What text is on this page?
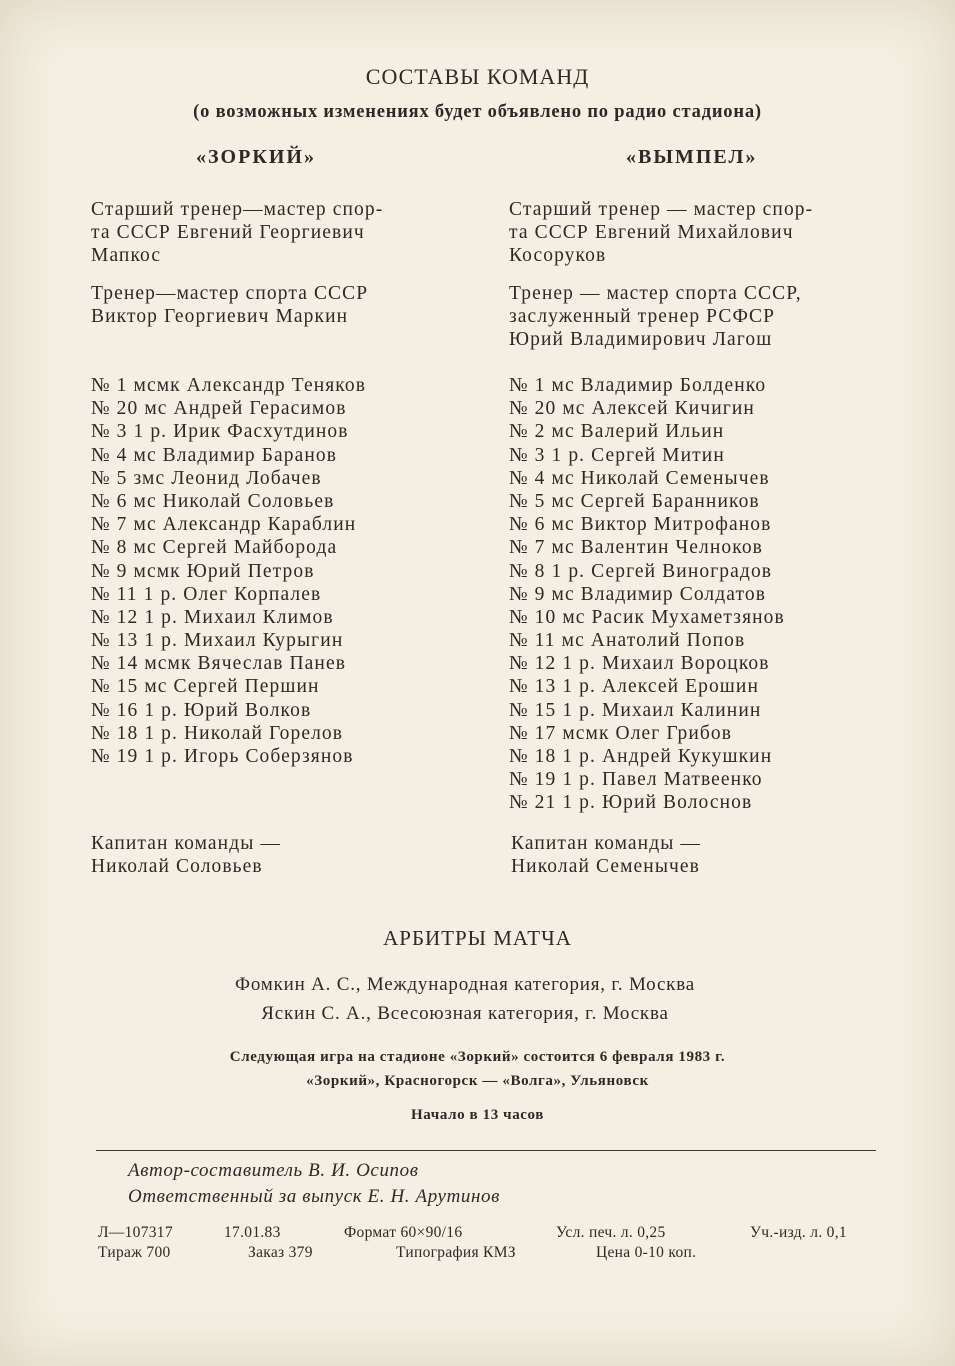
СОСТАВЫ КОМАНД
(о возможных изменениях будет объявлено по радио стадиона)
«ЗОРКИЙ»	«ВЫМПЕЛ»
Старший тренер—мастер спор-
та СССР Евгений Георгиевич
Мапкос
Тренер—мастер спорта СССР
Виктор Георгиевич Маркин
№ 1 мсмк Александр Теняков
№ 20 мс Андрей Герасимов
№ 3 1 р. Ирик Фасхутдинов
№ 4 мс Владимир Баранов
№ 5 змс Леонид Лобачев
№ 6 мс Николай Соловьев
№ 7 мс Александр Караблин
№ 8 мс Сергей Майборода
№ 9 мсмк Юрий Петров
№ 11 1 р. Олег Корпалев
№ 12 1 р. Михаил Климов
№ 13 1 р. Михаил Курыгин
№ 14 мсмк Вячеслав Панев
№ 15 мс Сергей Першин
№ 16 1 р. Юрий Волков
№ 18 1 р. Николай Горелов
№ 19 1 р. Игорь Соберзянов
Капитан команды —
Николай Соловьев
Старший тренер — мастер спор-
та СССР Евгений Михайлович
Косоруков
Тренер — мастер спорта СССР,
заслуженный тренер РСФСР
Юрий Владимирович Лагош
№ 1 мс Владимир Болденко
№ 20 мс Алексей Кичигин
№ 2 мс Валерий Ильин
№ 3 1 р. Сергей Митин
№ 4 мс Николай Семенычев
№ 5 мс Сергей Баранников
№ 6 мс Виктор Митрофанов
№ 7 мс Валентин Челноков
№ 8 1 р. Сергей Виноградов
№ 9 мс Владимир Солдатов
№ 10 мс Расик Мухаметзянов
№ 11 мс Анатолий Попов
№ 12 1 р. Михаил Вороцков
№ 13 1 р. Алексей Ерошин
№ 15 1 р. Михаил Калинин
№ 17 мсмк Олег Грибов
№ 18 1 р. Андрей Кукушкин
№ 19 1 р. Павел Матвеенко
№ 21 1 р. Юрий Волоснов
Капитан команды —
Николай Семенычев
АРБИТРЫ МАТЧА
Фомкин А. С., Международная категория, г. Москва
Яскин С. А., Всесоюзная категория, г. Москва
Следующая игра на стадионе «Зоркий» состоится 6 февраля 1983 г.
«Зоркий», Красногорск — «Волга», Ульяновск
Начало в 13 часов
Автор-составитель В. И. Осипов
Ответственный за выпуск Е. Н. Арутинов
Л—107317	17.01.83	Формат 60×90/16	Усл. печ. л. 0,25	Уч.-изд. л. 0,1
Тираж 700	Заказ 379	Типография КМЗ	Цена 0-10 коп.
